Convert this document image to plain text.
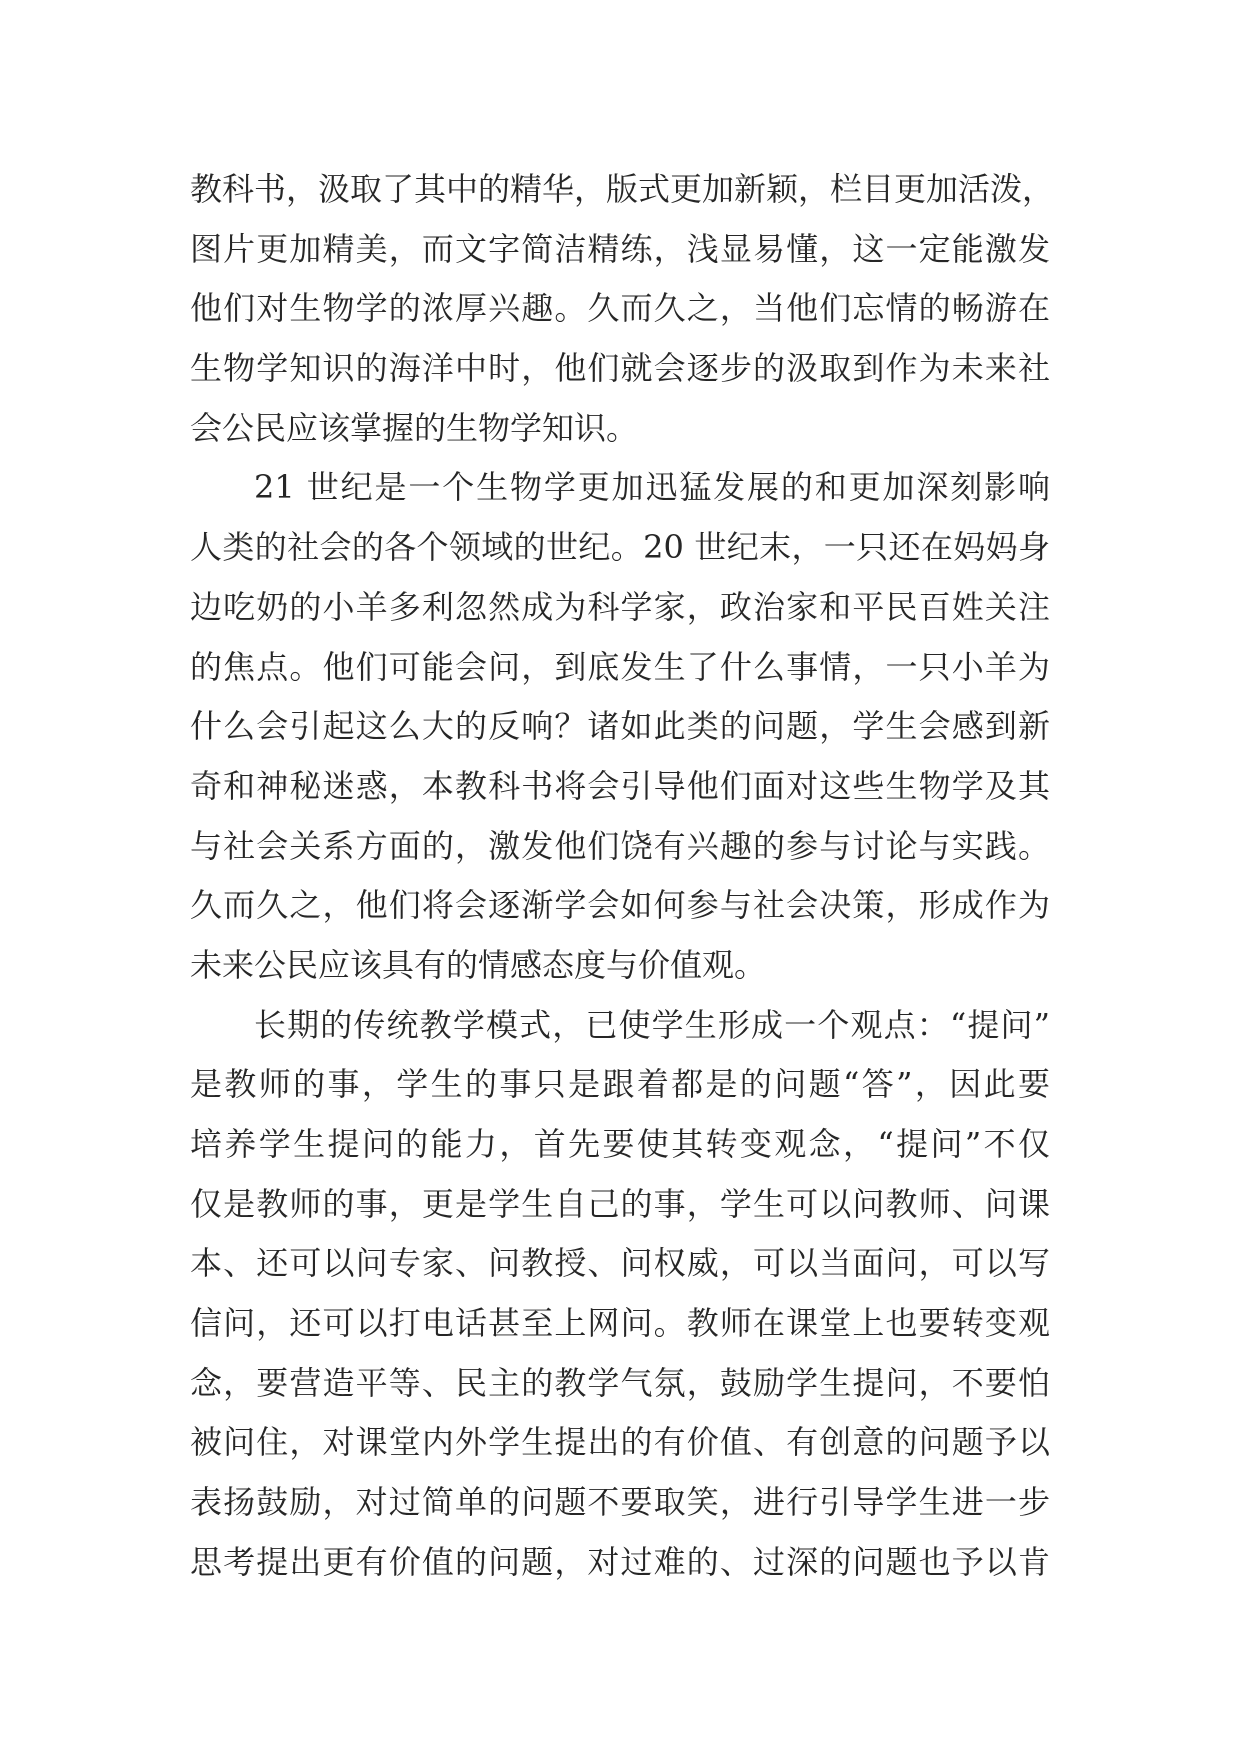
教科书，汲取了其中的精华，版式更加新颖，栏目更加活泼，
图片更加精美，而文字简洁精练，浅显易懂，这一定能激发
他们对生物学的浓厚兴趣。久而久之，当他们忘情的畅游在
生物学知识的海洋中时，他们就会逐步的汲取到作为未来社
会公民应该掌握的生物学知识。
21 世纪是一个生物学更加迅猛发展的和更加深刻影响
人类的社会的各个领域的世纪。20 世纪末，一只还在妈妈身
边吃奶的小羊多利忽然成为科学家，政治家和平民百姓关注
的焦点。他们可能会问，到底发生了什么事情，一只小羊为
什么会引起这么大的反响？诸如此类的问题，学生会感到新
奇和神秘迷惑，本教科书将会引导他们面对这些生物学及其
与社会关系方面的，激发他们饶有兴趣的参与讨论与实践。
久而久之，他们将会逐渐学会如何参与社会决策，形成作为
未来公民应该具有的情感态度与价值观。
长期的传统教学模式，已使学生形成一个观点：“提问”
是教师的事，学生的事只是跟着都是的问题“答”，因此要
培养学生提问的能力，首先要使其转变观念，“提问”不仅
仅是教师的事，更是学生自己的事，学生可以问教师、问课
本、还可以问专家、问教授、问权威，可以当面问，可以写
信问，还可以打电话甚至上网问。教师在课堂上也要转变观
念，要营造平等、民主的教学气氛，鼓励学生提问，不要怕
被问住，对课堂内外学生提出的有价值、有创意的问题予以
表扬鼓励，对过简单的问题不要取笑，进行引导学生进一步
思考提出更有价值的问题，对过难的、过深的问题也予以肯
